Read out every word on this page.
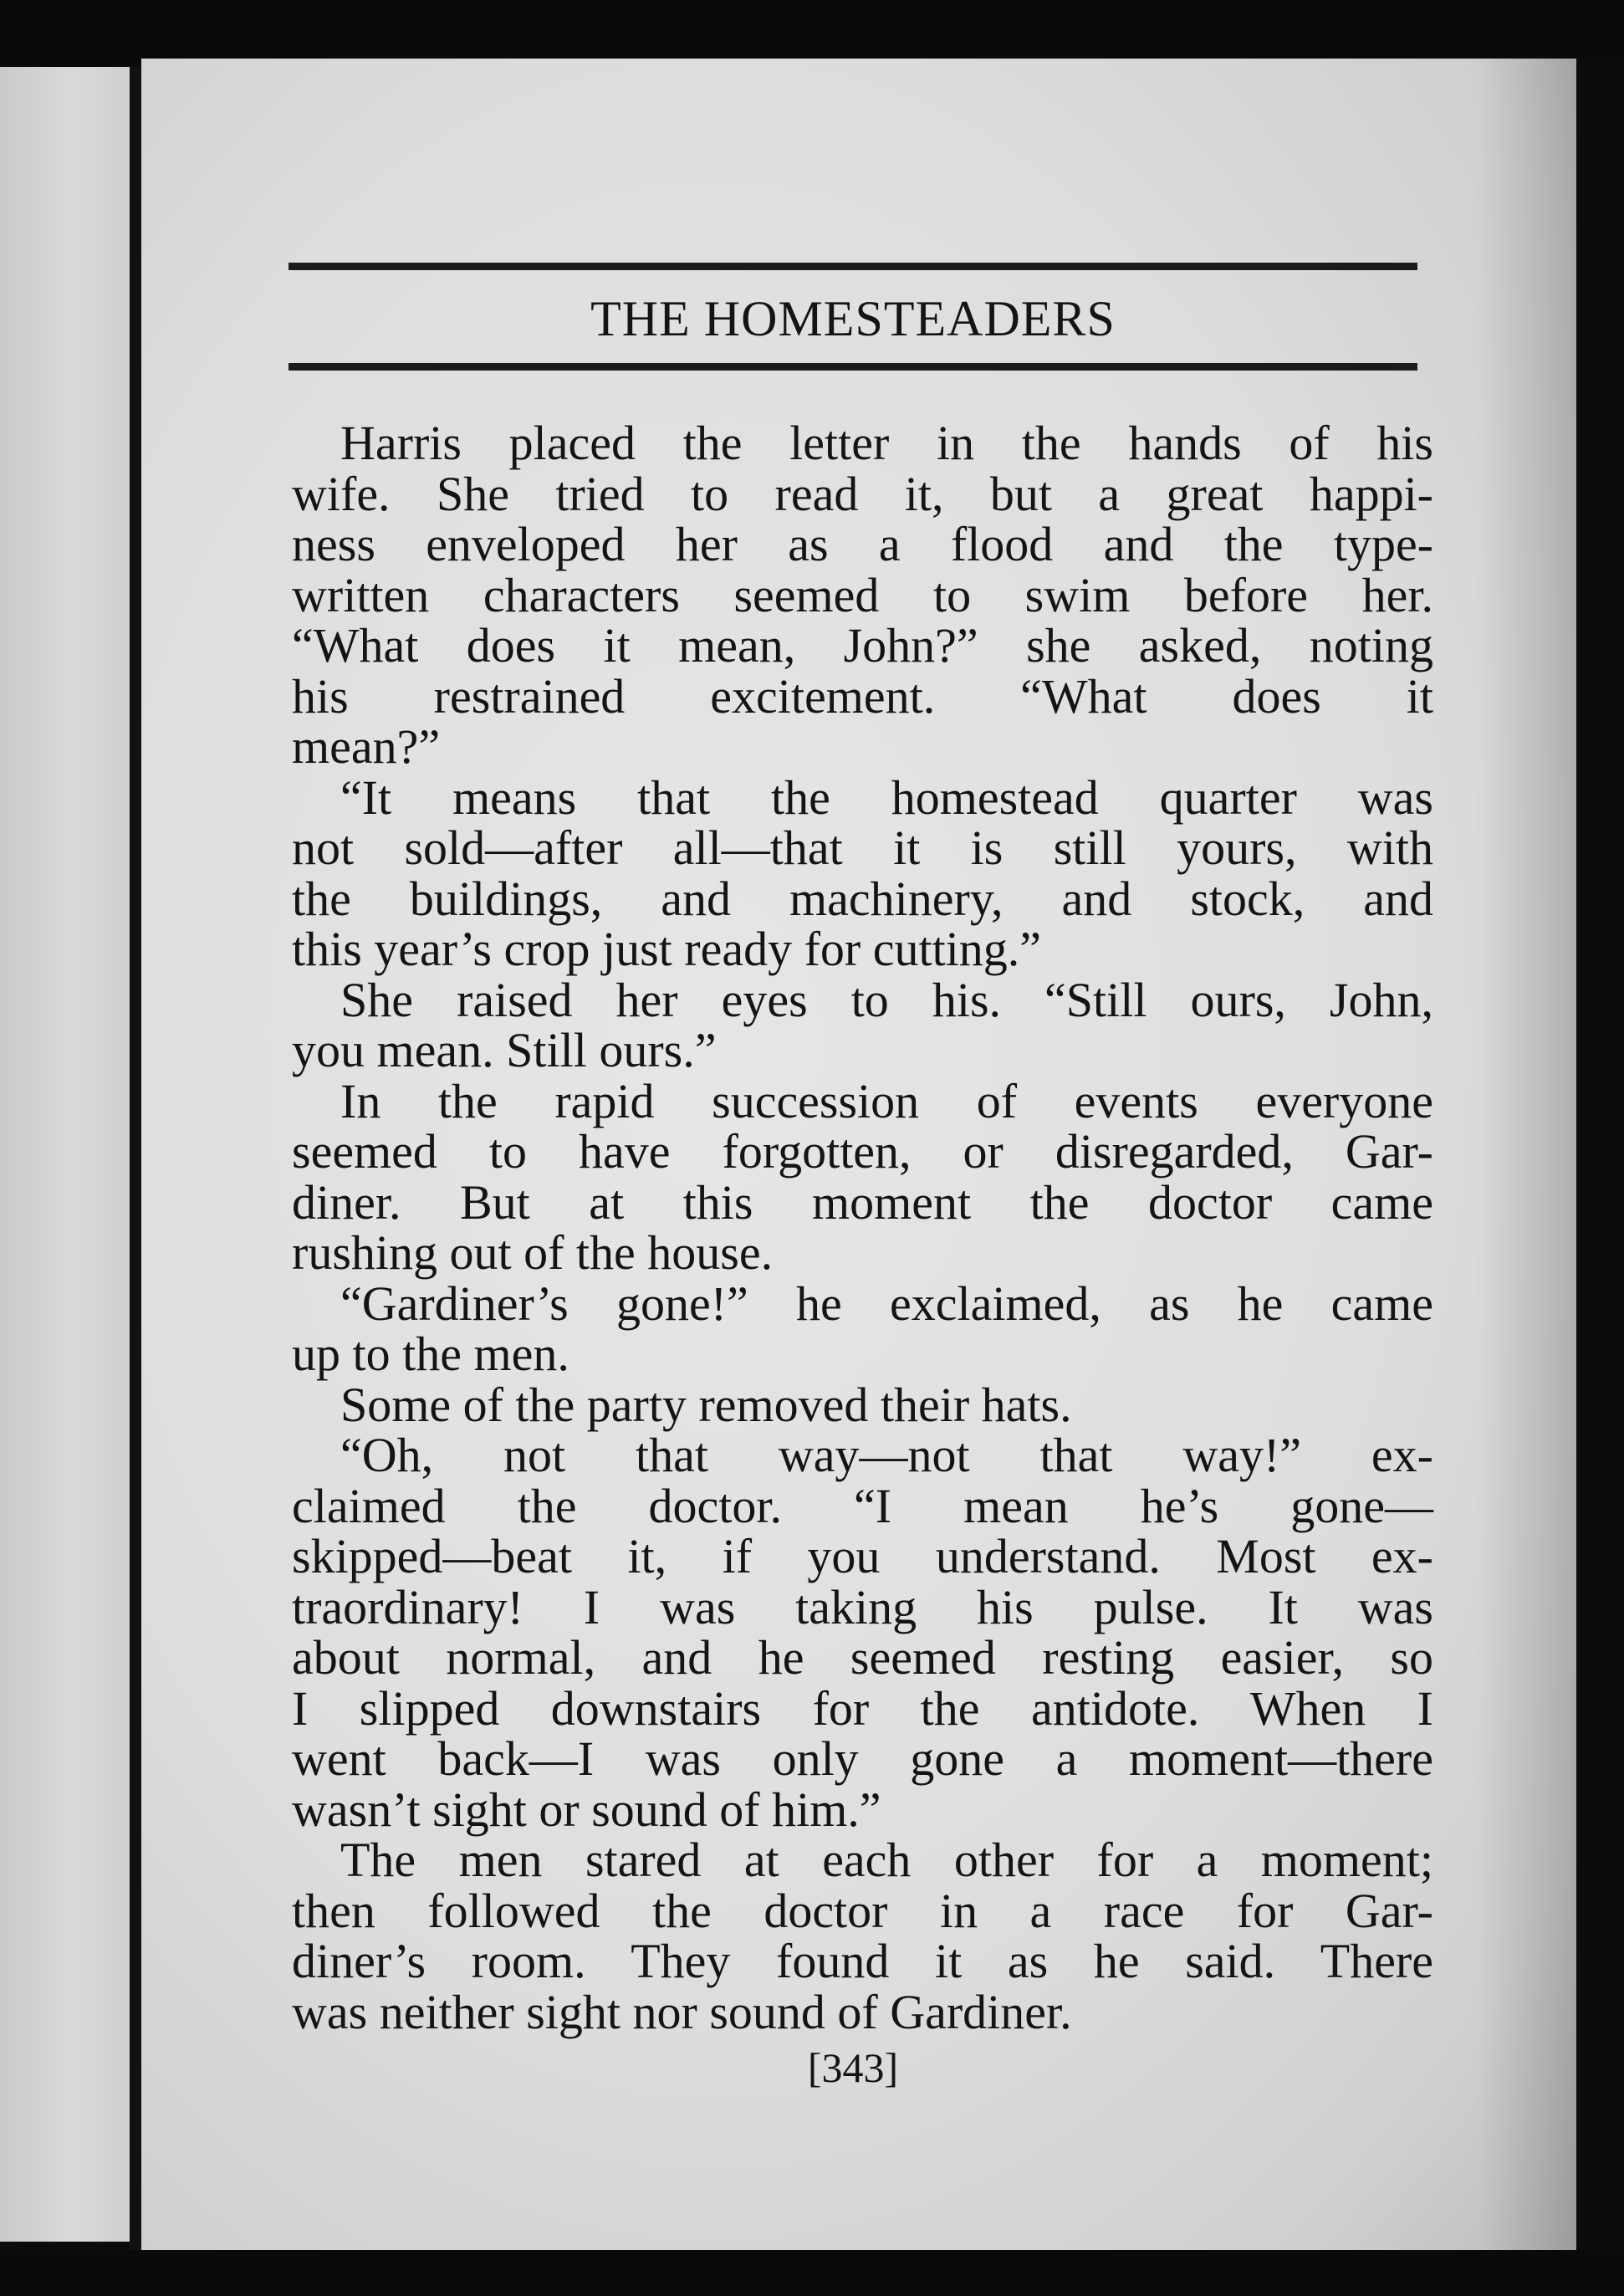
THE HOMESTEADERS
Harris placed the letter in the hands of his
wife. She tried to read it, but a great happi-
ness enveloped her as a flood and the type-
written characters seemed to swim before her.
“What does it mean, John?” she asked, noting
his restrained excitement. “What does it
mean?”
“It means that the homestead quarter was
not sold—after all—that it is still yours, with
the buildings, and machinery, and stock, and
this year’s crop just ready for cutting.”
She raised her eyes to his. “Still ours, John,
you mean. Still ours.”
In the rapid succession of events everyone
seemed to have forgotten, or disregarded, Gar-
diner. But at this moment the doctor came
rushing out of the house.
“Gardiner’s gone!” he exclaimed, as he came
up to the men.
Some of the party removed their hats.
“Oh, not that way—not that way!” ex-
claimed the doctor. “I mean he’s gone—
skipped—beat it, if you understand. Most ex-
traordinary! I was taking his pulse. It was
about normal, and he seemed resting easier, so
I slipped downstairs for the antidote. When I
went back—I was only gone a moment—there
wasn’t sight or sound of him.”
The men stared at each other for a moment;
then followed the doctor in a race for Gar-
diner’s room. They found it as he said. There
was neither sight nor sound of Gardiner.
[343]
